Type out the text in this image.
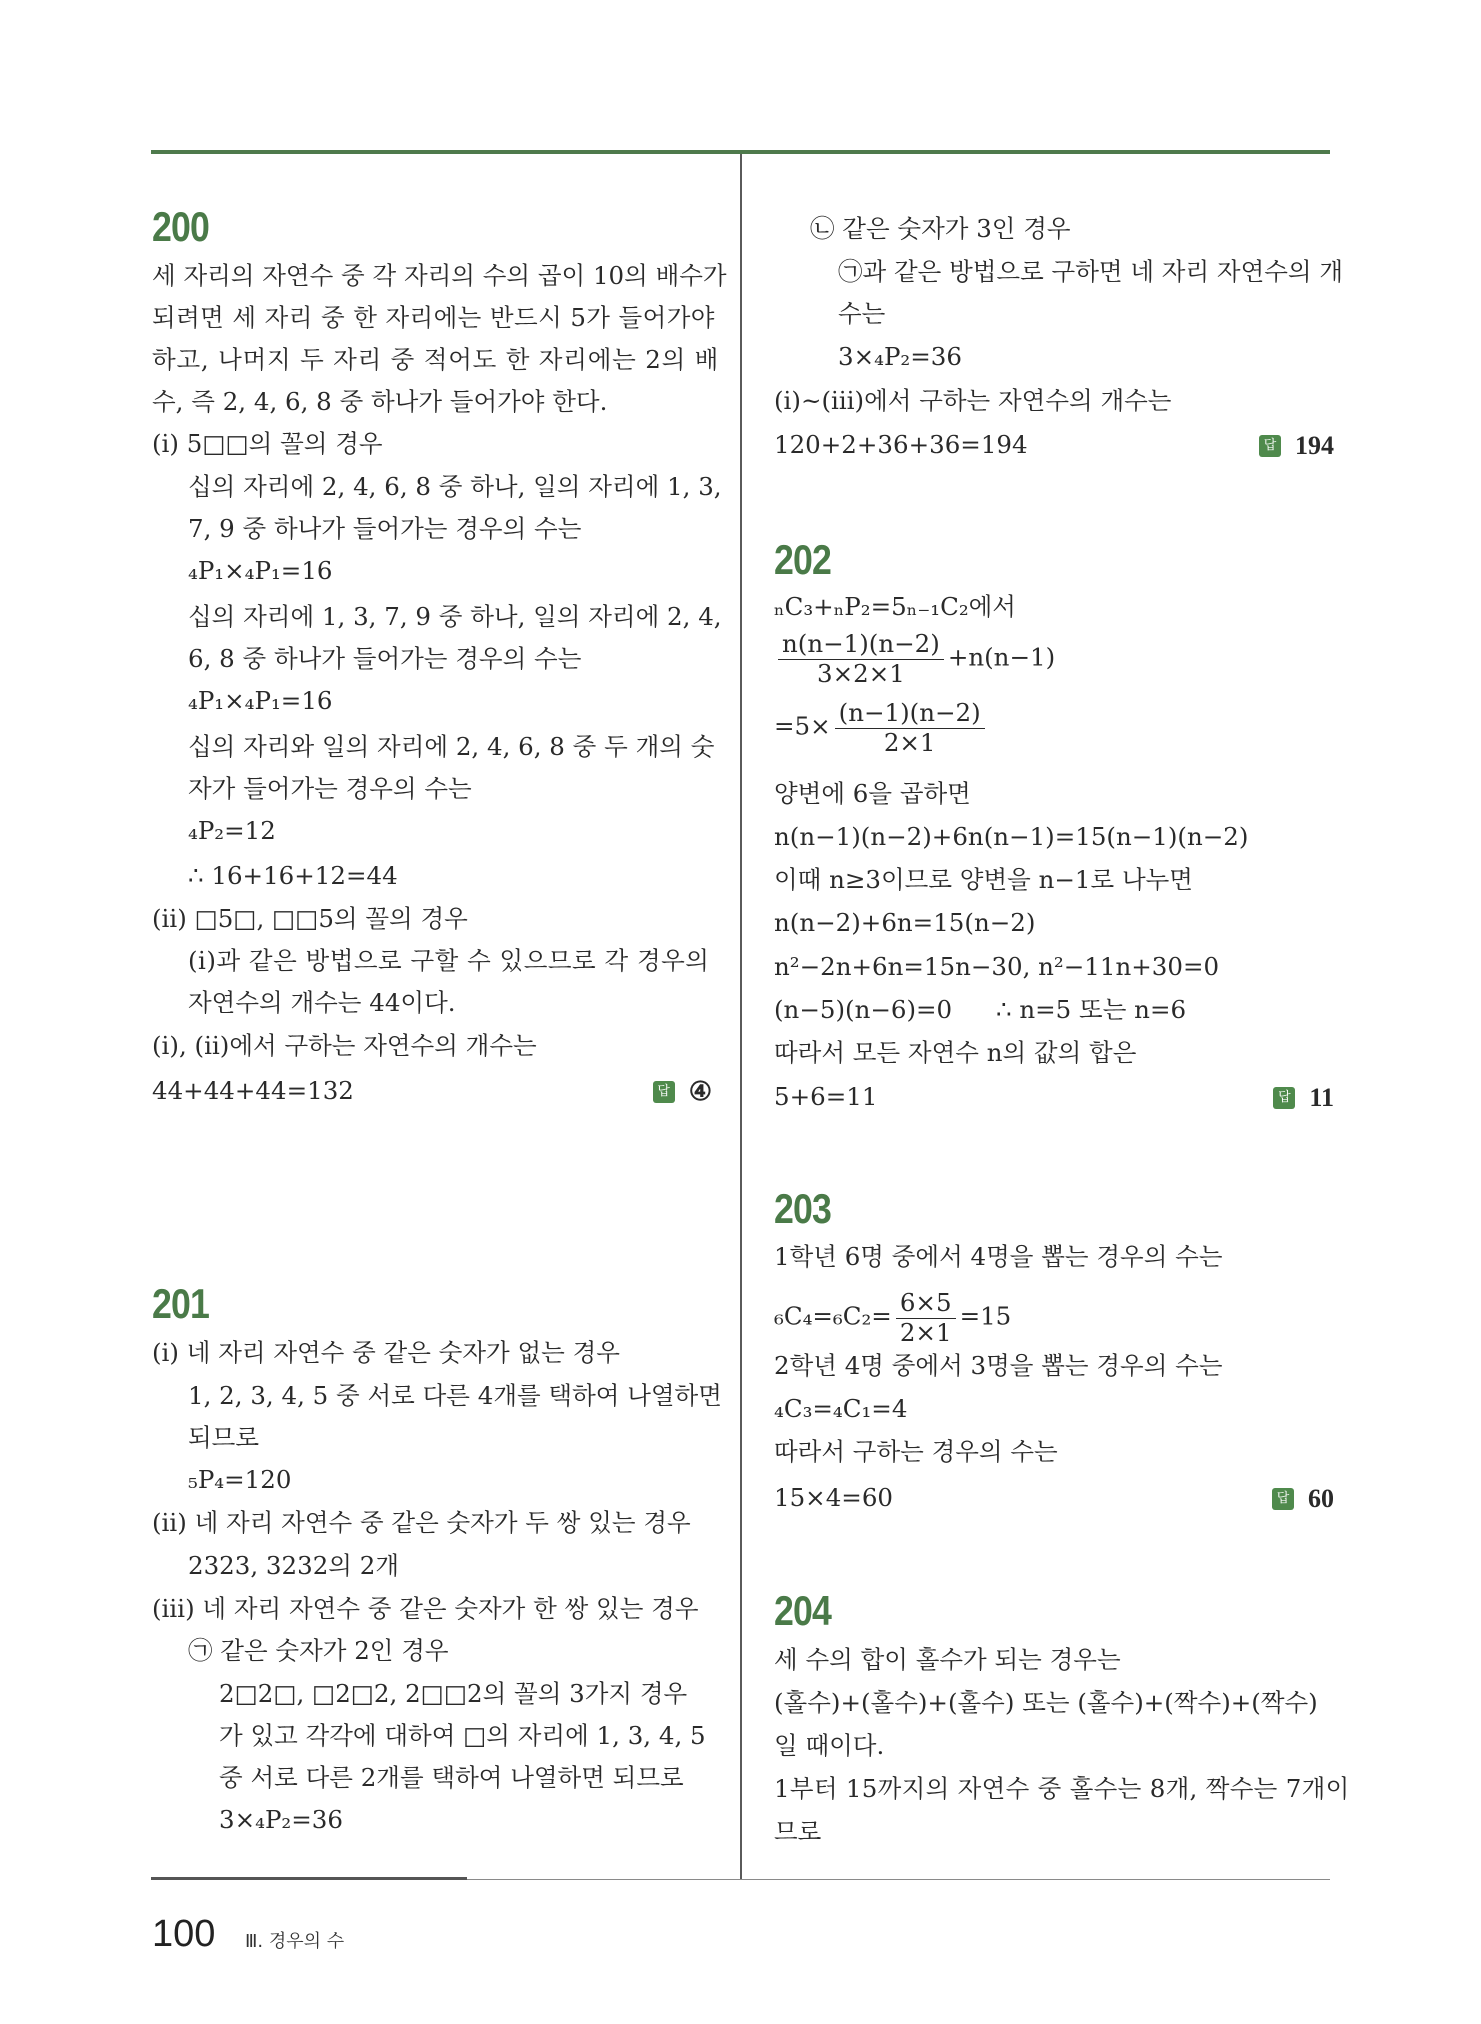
200
세 자리의 자연수 중 각 자리의 수의 곱이 10의 배수가
되려면 세 자리 중 한 자리에는 반드시 5가 들어가야
하고, 나머지 두 자리 중 적어도 한 자리에는 2의 배
수, 즉 2, 4, 6, 8 중 하나가 들어가야 한다.
(ⅰ) 5□□의 꼴의 경우
십의 자리에 2, 4, 6, 8 중 하나, 일의 자리에 1, 3,
7, 9 중 하나가 들어가는 경우의 수는
₄P₁×₄P₁=16
십의 자리에 1, 3, 7, 9 중 하나, 일의 자리에 2, 4,
6, 8 중 하나가 들어가는 경우의 수는
₄P₁×₄P₁=16
십의 자리와 일의 자리에 2, 4, 6, 8 중 두 개의 숫
자가 들어가는 경우의 수는
₄P₂=12
∴ 16+16+12=44
(ⅱ) □5□, □□5의 꼴의 경우
(ⅰ)과 같은 방법으로 구할 수 있으므로 각 경우의
자연수의 개수는 44이다.
(ⅰ), (ⅱ)에서 구하는 자연수의 개수는
44+44+44=132	답 ④
201
(ⅰ) 네 자리 자연수 중 같은 숫자가 없는 경우
1, 2, 3, 4, 5 중 서로 다른 4개를 택하여 나열하면
되므로
₅P₄=120
(ⅱ) 네 자리 자연수 중 같은 숫자가 두 쌍 있는 경우
2323, 3232의 2개
(ⅲ) 네 자리 자연수 중 같은 숫자가 한 쌍 있는 경우
㉠ 같은 숫자가 2인 경우
2□2□, □2□2, 2□□2의 꼴의 3가지 경우
가 있고 각각에 대하여 □의 자리에 1, 3, 4, 5
중 서로 다른 2개를 택하여 나열하면 되므로
3×₄P₂=36
㉡ 같은 숫자가 3인 경우
㉠과 같은 방법으로 구하면 네 자리 자연수의 개
수는
3×₄P₂=36
(ⅰ)~(ⅲ)에서 구하는 자연수의 개수는
120+2+36+36=194	답 194
202
ₙC₃+ₙP₂=5ₙ₋₁C₂에서
$\frac{n(n-1)(n-2)}{3\times 2\times 1} +n(n-1)$
$=5\times \frac{(n-1)(n-2)}{2\times 1}$
양변에 6을 곱하면
n(n−1)(n−2)+6n(n−1)=15(n−1)(n−2)
이때 n≥3이므로 양변을 n−1로 나누면
n(n−2)+6n=15(n−2)
n²−2n+6n=15n−30, n²−11n+30=0
(n−5)(n−6)=0 ∴ n=5 또는 n=6
따라서 모든 자연수 n의 값의 합은
5+6=11	답 11
203
1학년 6명 중에서 4명을 뽑는 경우의 수는
$_6C_4=_6C_2= \frac{6\times 5}{2\times 1} =15$
2학년 4명 중에서 3명을 뽑는 경우의 수는
₄C₃=₄C₁=4
따라서 구하는 경우의 수는
15×4=60	답 60
204
세 수의 합이 홀수가 되는 경우는
(홀수)+(홀수)+(홀수) 또는 (홀수)+(짝수)+(짝수)
일 때이다.
1부터 15까지의 자연수 중 홀수는 8개, 짝수는 7개이
므로
100 Ⅲ. 경우의 수
